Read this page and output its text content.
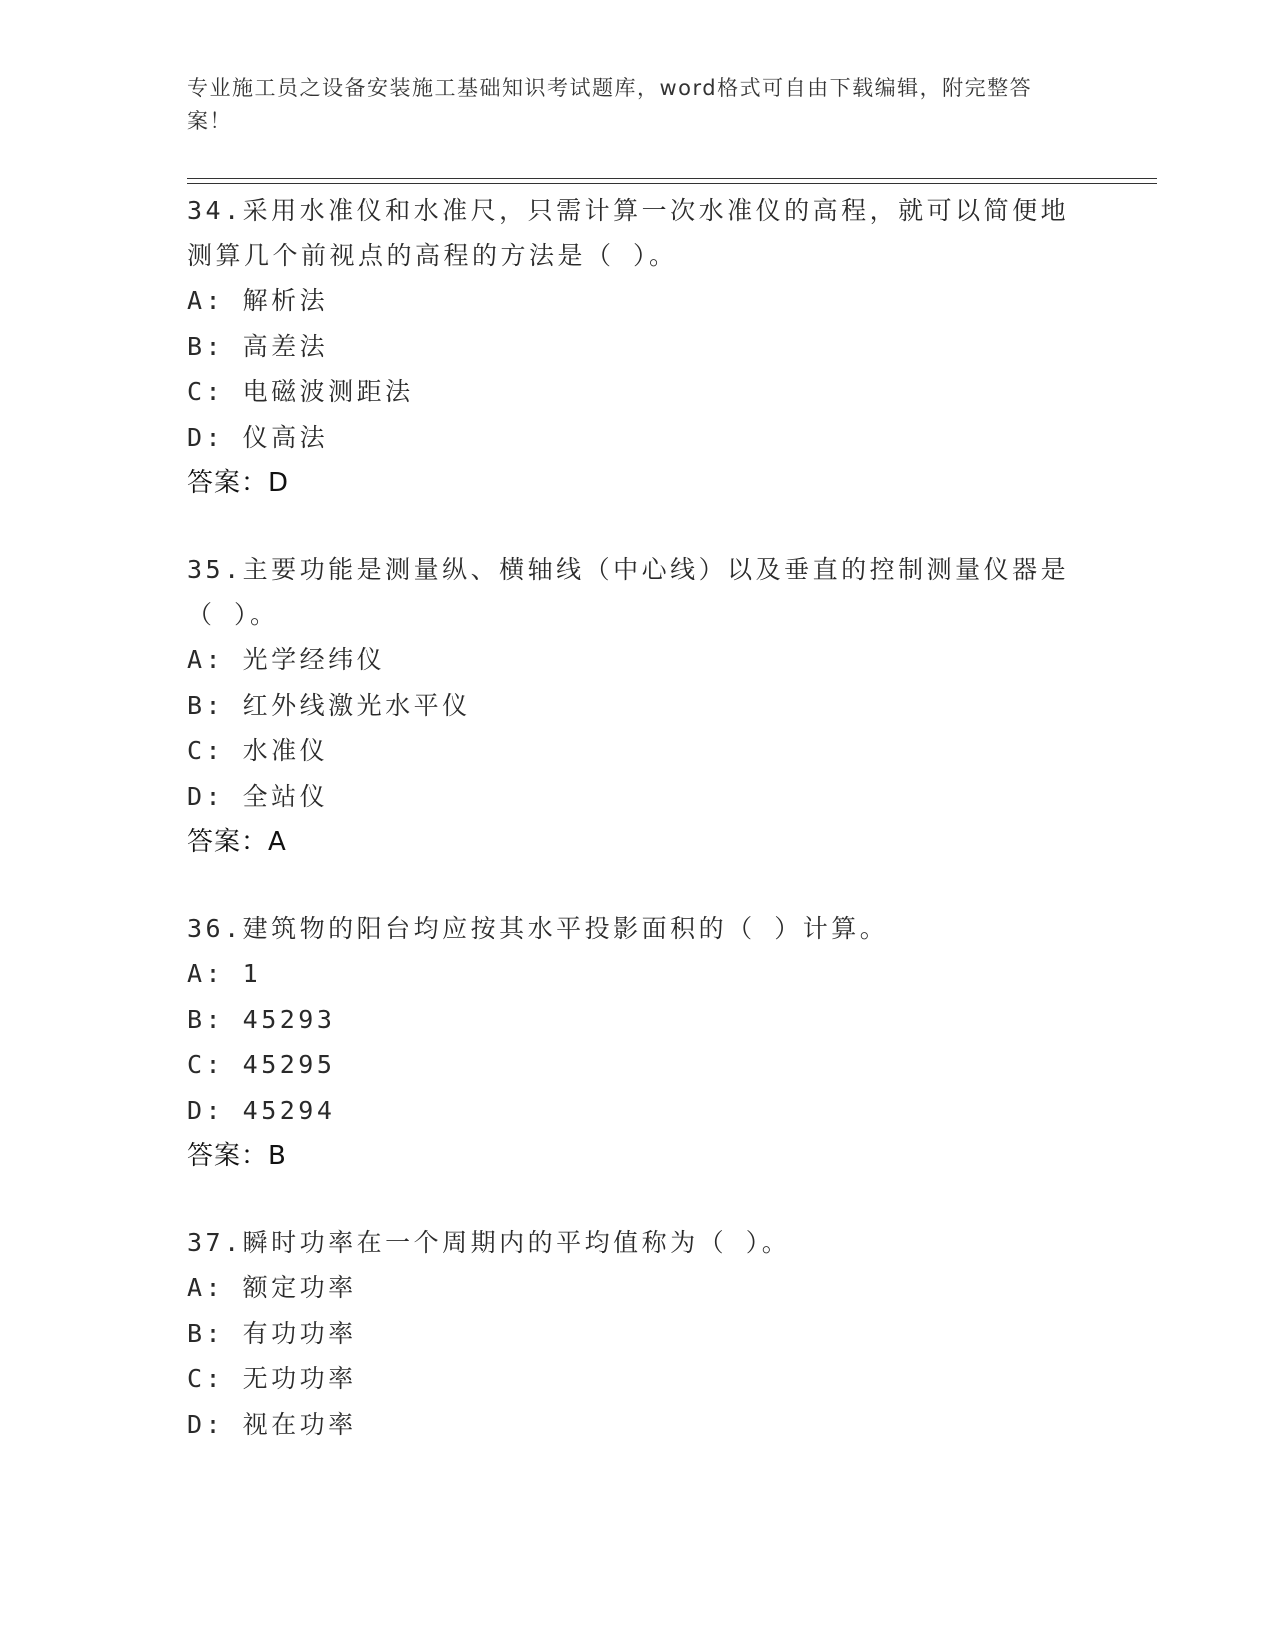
专业施工员之设备安装施工基础知识考试题库，word格式可自由下载编辑，附完整答案！

34.采用水准仪和水准尺，只需计算一次水准仪的高程，就可以简便地测算几个前视点的高程的方法是（ ）。

A: 解析法
B: 高差法
C: 电磁波测距法
D: 仪高法
答案：D

35.主要功能是测量纵、横轴线（中心线）以及垂直的控制测量仪器是（ ）。

A: 光学经纬仪
B: 红外线激光水平仪
C: 水准仪
D: 全站仪
答案：A

36.建筑物的阳台均应按其水平投影面积的（ ）计算。

A: 1
B: 45293
C: 45295
D: 45294
答案：B

37.瞬时功率在一个周期内的平均值称为（ ）。

A: 额定功率
B: 有功功率
C: 无功功率
D: 视在功率
